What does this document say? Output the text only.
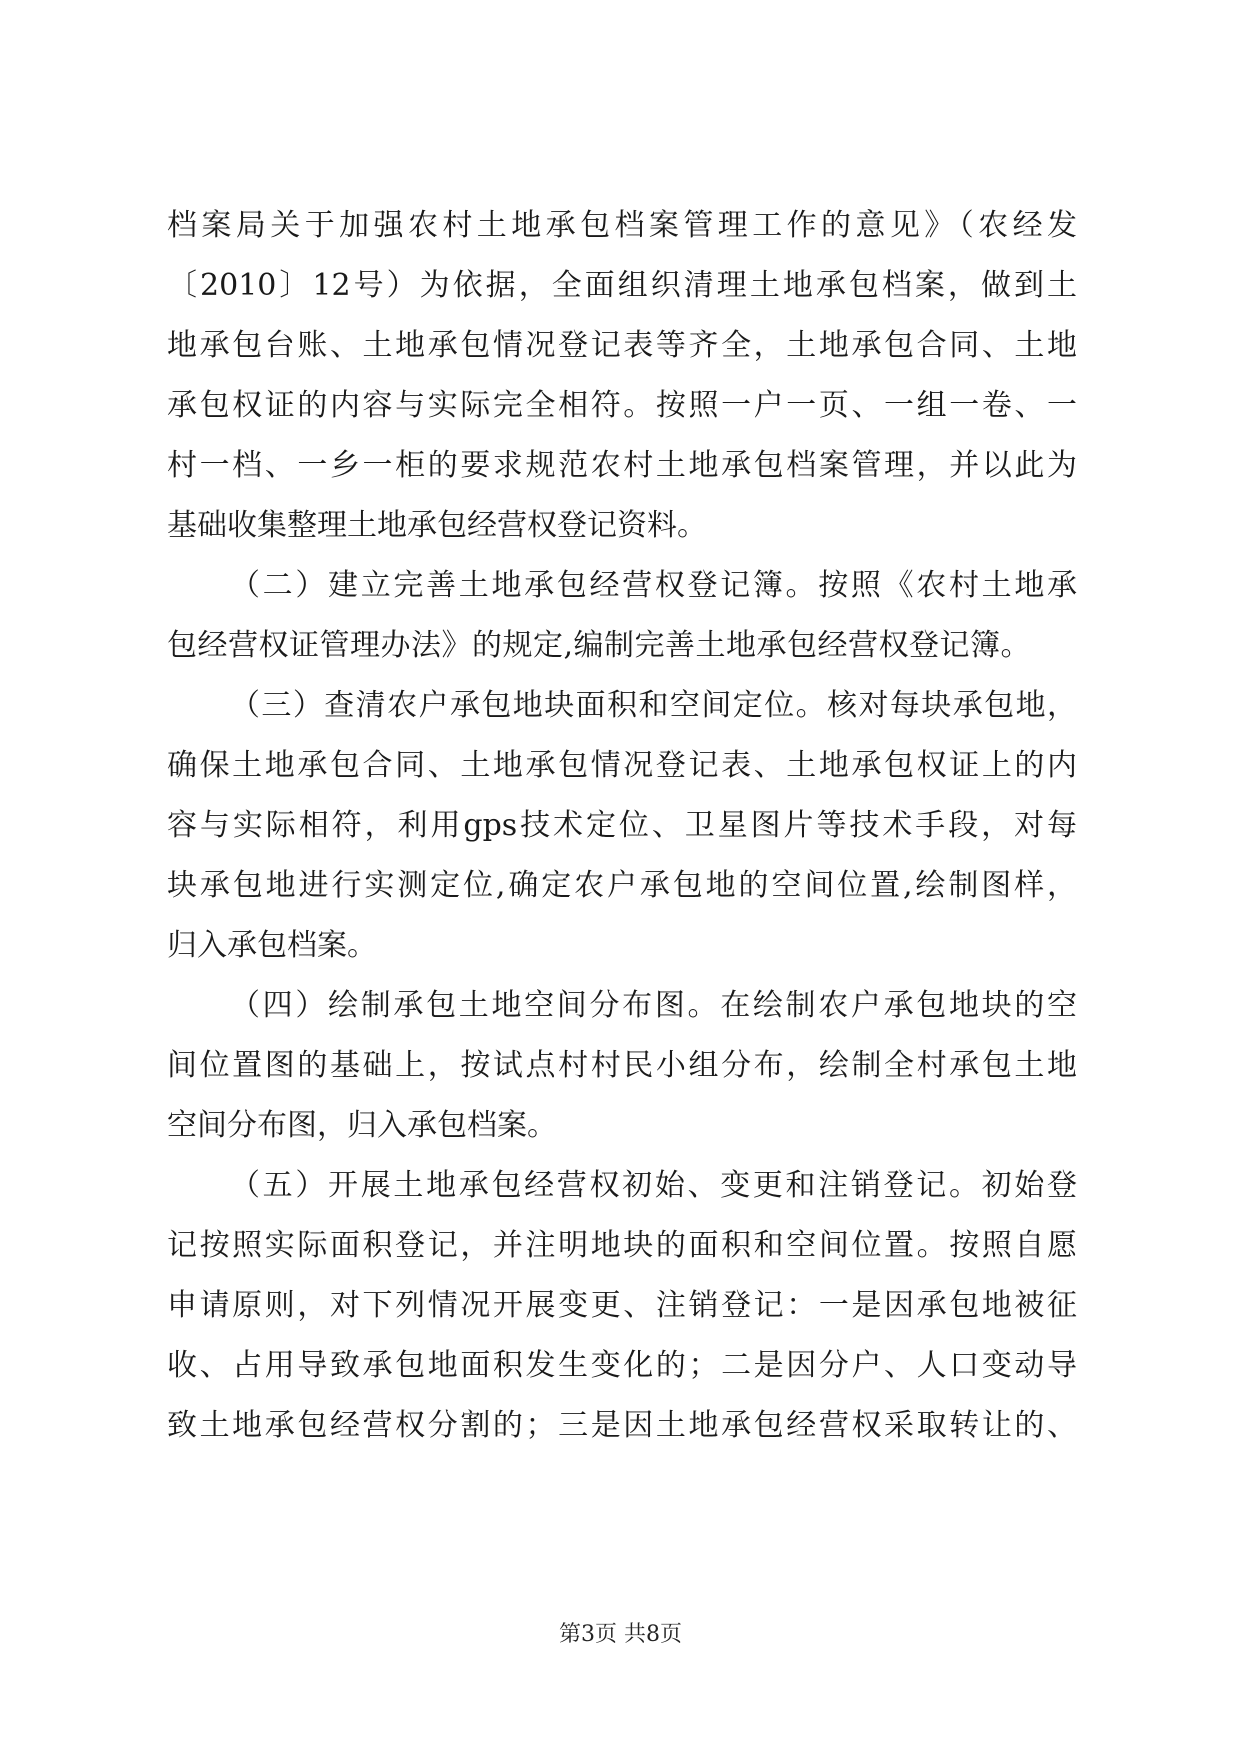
档案局关于加强农村土地承包档案管理工作的意见》（农经发
〔2010〕12号）为依据，全面组织清理土地承包档案，做到土
地承包台账、土地承包情况登记表等齐全，土地承包合同、土地
承包权证的内容与实际完全相符。按照一户一页、一组一卷、一
村一档、一乡一柜的要求规范农村土地承包档案管理，并以此为
基础收集整理土地承包经营权登记资料。
（二）建立完善土地承包经营权登记簿。按照《农村土地承
包经营权证管理办法》的规定,编制完善土地承包经营权登记簿。
（三）查清农户承包地块面积和空间定位。核对每块承包地，
确保土地承包合同、土地承包情况登记表、土地承包权证上的内
容与实际相符，利用gps技术定位、卫星图片等技术手段，对每
块承包地进行实测定位,确定农户承包地的空间位置,绘制图样，
归入承包档案。
（四）绘制承包土地空间分布图。在绘制农户承包地块的空
间位置图的基础上，按试点村村民小组分布，绘制全村承包土地
空间分布图，归入承包档案。
（五）开展土地承包经营权初始、变更和注销登记。初始登
记按照实际面积登记，并注明地块的面积和空间位置。按照自愿
申请原则，对下列情况开展变更、注销登记：一是因承包地被征
收、占用导致承包地面积发生变化的；二是因分户、人口变动导
致土地承包经营权分割的；三是因土地承包经营权采取转让的、
第3页 共8页
